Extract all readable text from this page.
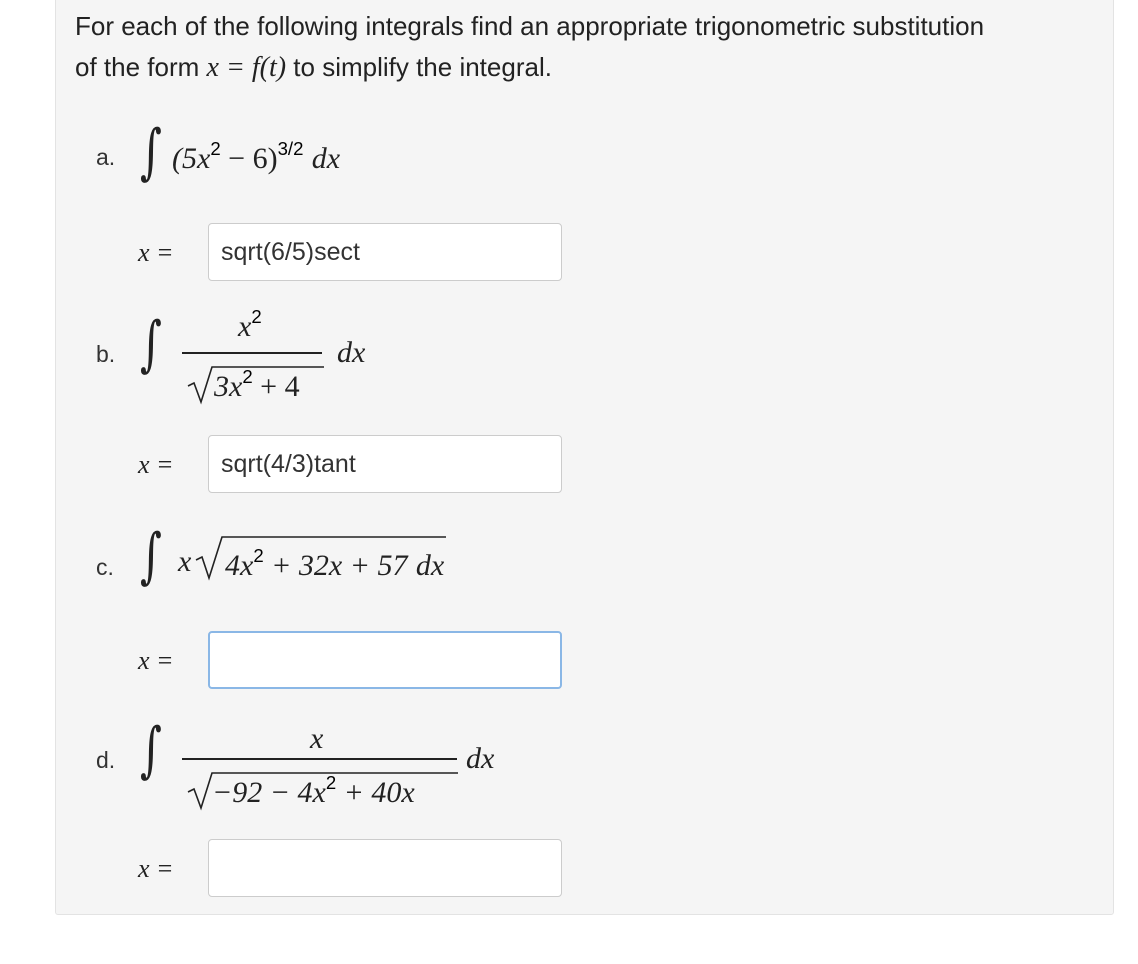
For each of the following integrals find an appropriate trigonometric substitution
of the form x = f(t) to simplify the integral.
a. ∫ $(5x^2 - 6)^{3/2}$ dx
x =
sqrt(6/5)sect
b. ∫	$x^2$
$3x^2 + 4$
dx
x =
sqrt(4/3)tant
c. ∫ x $4x^2 + 32x + 57$ dx
x =
d. ∫	x
$-92 - 4x^2 + 40x$
dx
x =
